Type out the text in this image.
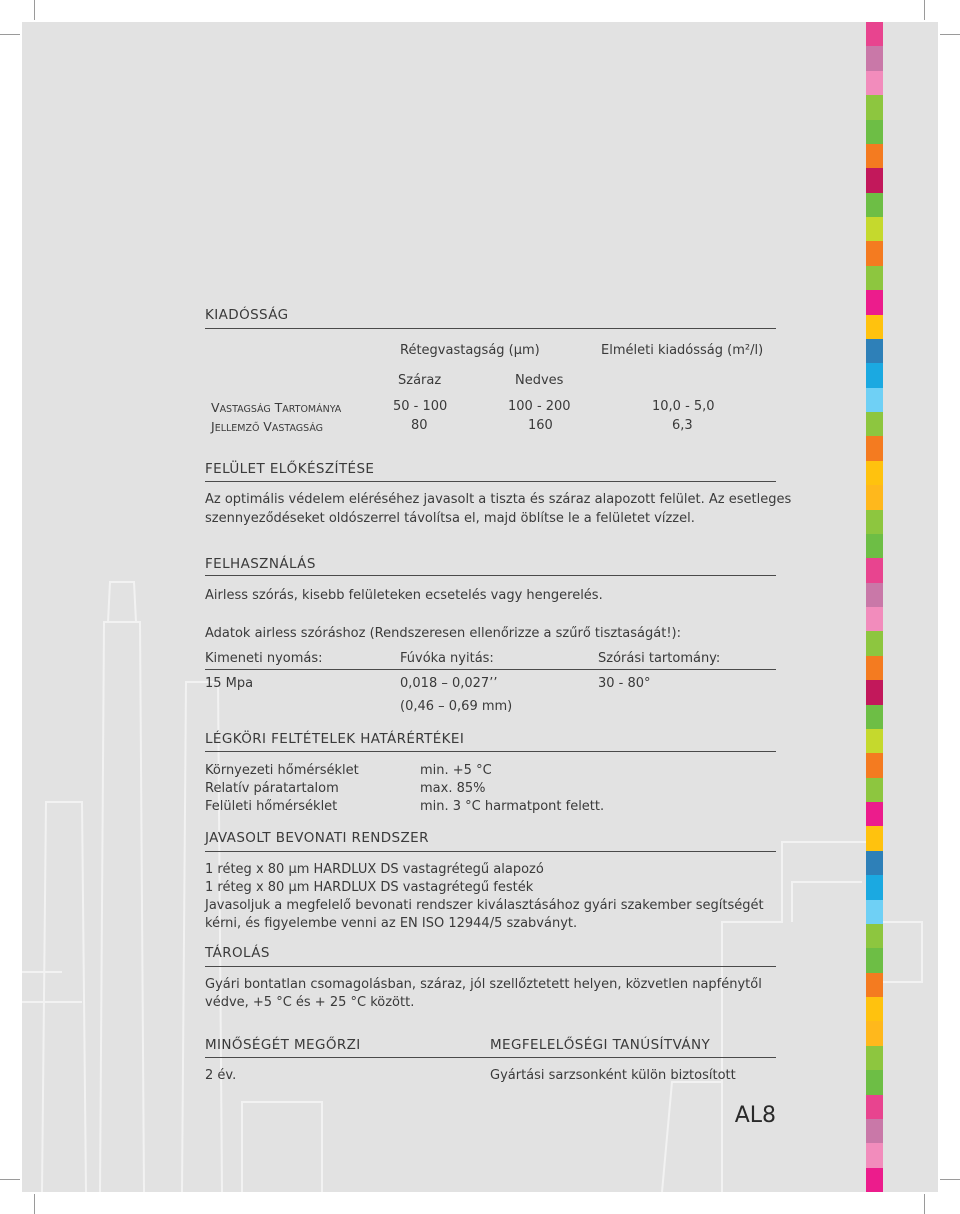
KIADÓSSÁG
Rétegvastagság (µm)	Elméleti kiadósság (m²/l)
Száraz	Nedves
VASTAGSÁG TARTOMÁNYA	50 - 100	100 - 200	10,0 - 5,0
JELLEMZŐ VASTAGSÁG	80	160	6,3
FELÜLET ELŐKÉSZÍTÉSE
Az optimális védelem eléréséhez javasolt a tiszta és száraz alapozott felület. Az esetleges
szennyeződéseket oldószerrel távolítsa el, majd öblítse le a felületet vízzel.
FELHASZNÁLÁS
Airless szórás, kisebb felületeken ecsetelés vagy hengerelés.
Adatok airless szóráshoz (Rendszeresen ellenőrizze a szűrő tisztaságát!):
Kimeneti nyomás:	Fúvóka nyitás:	Szórási tartomány:
15 Mpa	0,018 – 0,027’’	30 - 80°
(0,46 – 0,69 mm)
LÉGKÖRI FELTÉTELEK HATÁRÉRTÉKEI
Környezeti hőmérséklet	min. +5 °C
Relatív páratartalom	max. 85%
Felületi hőmérséklet	min. 3 °C harmatpont felett.
JAVASOLT BEVONATI RENDSZER
1 réteg x 80 µm HARDLUX DS vastagrétegű alapozó
1 réteg x 80 µm HARDLUX DS vastagrétegű festék
Javasoljuk a megfelelő bevonati rendszer kiválasztásához gyári szakember segítségét
kérni, és figyelembe venni az EN ISO 12944/5 szabványt.
TÁROLÁS
Gyári bontatlan csomagolásban, száraz, jól szellőztetett helyen, közvetlen napfénytől
védve, +5 °C és + 25 °C között.
MINŐSÉGÉT MEGŐRZI	MEGFELELŐSÉGI TANÚSÍTVÁNY
2 év.	Gyártási sarzsonként külön biztosított
AL8
